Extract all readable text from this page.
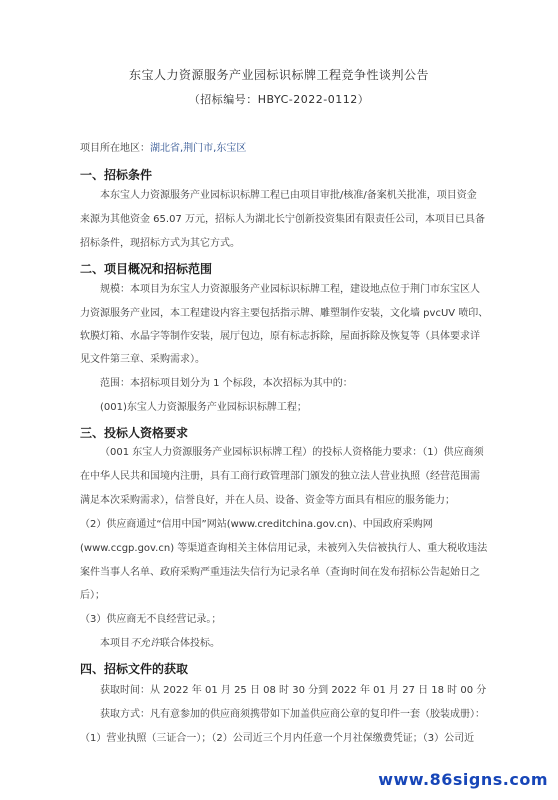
东宝人力资源服务产业园标识标牌工程竞争性谈判公告
（招标编号：HBYC-2022-0112）
项目所在地区：湖北省,荆门市,东宝区
一、招标条件
本东宝人力资源服务产业园标识标牌工程已由项目审批/核准/备案机关批准，项目资金
来源为其他资金 65.07 万元，招标人为湖北长宁创新投资集团有限责任公司，本项目已具备
招标条件，现招标方式为其它方式。
二、项目概况和招标范围
规模：本项目为东宝人力资源服务产业园标识标牌工程，建设地点位于荆门市东宝区人
力资源服务产业园，本工程建设内容主要包括指示牌、雕塑制作安装，文化墙 pvcUV 喷印、
软膜灯箱、水晶字等制作安装，展厅包边，原有标志拆除，屋面拆除及恢复等（具体要求详
见文件第三章、采购需求）。
范围：本招标项目划分为 1 个标段，本次招标为其中的：
(001)东宝人力资源服务产业园标识标牌工程；
三、投标人资格要求
（001 东宝人力资源服务产业园标识标牌工程）的投标人资格能力要求：（1）供应商须
在中华人民共和国境内注册，具有工商行政管理部门颁发的独立法人营业执照（经营范围需
满足本次采购需求），信誉良好，并在人员、设备、资金等方面具有相应的服务能力；
（2）供应商通过“信用中国”网站(www.creditchina.gov.cn)、中国政府采购网
(www.ccgp.gov.cn) 等渠道查询相关主体信用记录，未被列入失信被执行人、重大税收违法
案件当事人名单、政府采购严重违法失信行为记录名单（查询时间在发布招标公告起始日之
后）；
（3）供应商无不良经营记录。；
本项目不允许联合体投标。
四、招标文件的获取
获取时间：从 2022 年 01 月 25 日 08 时 30 分到 2022 年 01 月 27 日 18 时 00 分
获取方式：凡有意参加的供应商须携带如下加盖供应商公章的复印件一套（胶装成册）：
（1）营业执照（三证合一）；（2）公司近三个月内任意一个月社保缴费凭证；（3）公司近
www.86signs.com
